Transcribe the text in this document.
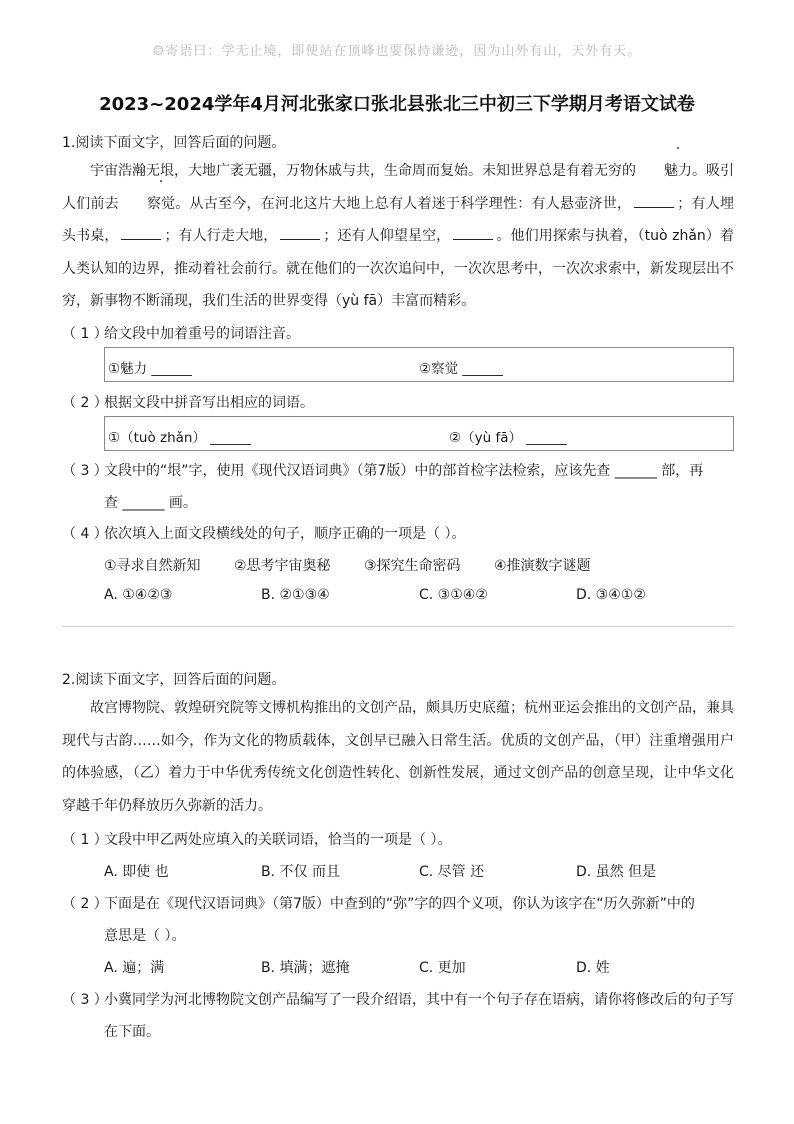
☺寄语曰：学无止境，即使站在顶峰也要保持谦逊，因为山外有山，天外有天。
2023~2024学年4月河北张家口张北县张北三中初三下学期月考语文试卷
1.阅读下面文字，回答后面的问题。

宇宙浩瀚无垠，大地广袤无疆，万物休戚与共，生命周而复始。未知世界总是有着无穷的 魅力。吸引人们前去 察觉。从古至今，在河北这片大地上总有人着迷于科学理性：有人悬壶济世，	；有人埋头书桌，	；有人行走大地，	；还有人仰望星空，	。他们用探索与执着，（tuò zhǎn）着人类认知的边界，推动着社会前行。就在他们的一次次追问中，一次次思考中，一次次求索中，新发现层出不穷，新事物不断涌现，我们生活的世界变得（yù fā）丰富而精彩。

（ 1 ）给文段中加着重号的词语注音。
①魅力 ______	②察觉 ______
（ 2 ）根据文段中拼音写出相应的词语。
①（tuò zhǎn） ______	②（yù fā） ______
（ 3 ）文段中的“垠”字，使用《现代汉语词典》（第7版）中的部首检字法检索，应该先查 ______ 部，再
查 ______ 画。
（ 4 ）依次填入上面文段横线处的句子，顺序正确的一项是（ ）。
①寻求自然新知 ②思考宇宙奥秘 ③探究生命密码 ④推演数字谜题
A. ①④②③	B. ②①③④	C. ③①④②	D. ③④①②
2.阅读下面文字，回答后面的问题。

故宫博物院、敦煌研究院等文博机构推出的文创产品，颇具历史底蕴；杭州亚运会推出的文创产品，兼具现代与古韵……如今，作为文化的物质载体，文创早已融入日常生活。优质的文创产品，（甲）注重增强用户的体验感，（乙）着力于中华优秀传统文化创造性转化、创新性发展，通过文创产品的创意呈现，让中华文化穿越千年仍释放历久弥新的活力。

（ 1 ）文段中甲乙两处应填入的关联词语，恰当的一项是（ ）。
A. 即使 也	B. 不仅 而且	C. 尽管 还	D. 虽然 但是
（ 2 ）下面是在《现代汉语词典》（第7版）中查到的“弥”字的四个义项，你认为该字在“历久弥新”中的
意思是（ ）。
A. 遍；满	B. 填满；遮掩	C. 更加	D. 姓
（ 3 ）小冀同学为河北博物院文创产品编写了一段介绍语，其中有一个句子存在语病，请你将修改后的句子写
在下面。
